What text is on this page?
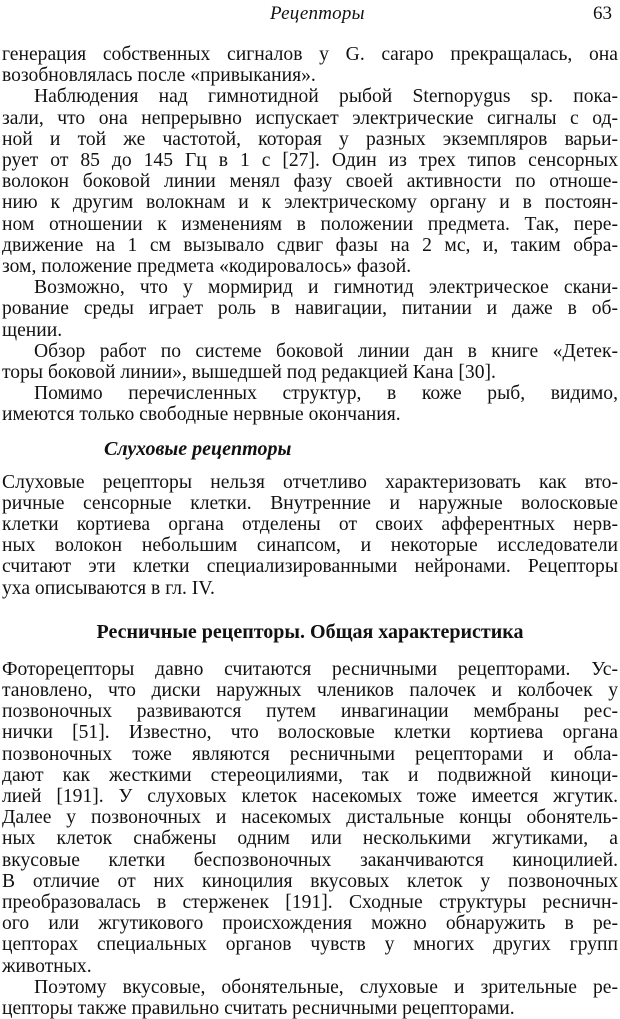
Рецепторы	63
генерация собственных сигналов у G. carapo прекращалась, она
возобновлялась после «привыкания».
Наблюдения над гимнотидной рыбой Sternopygus sp. пока-
зали, что она непрерывно испускает электрические сигналы с од-
ной и той же частотой, которая у разных экземпляров варьи-
рует от 85 до 145 Гц в 1 с [27]. Один из трех типов сенсорных
волокон боковой линии менял фазу своей активности по отноше-
нию к другим волокнам и к электрическому органу и в постоян-
ном отношении к изменениям в положении предмета. Так, пере-
движение на 1 см вызывало сдвиг фазы на 2 мс, и, таким обра-
зом, положение предмета «кодировалось» фазой.
Возможно, что у мормирид и гимнотид электрическое скани-
рование среды играет роль в навигации, питании и даже в об-
щении.
Обзор работ по системе боковой линии дан в книге «Детек-
торы боковой линии», вышедшей под редакцией Кана [30].
Помимо перечисленных структур, в коже рыб, видимо,
имеются только свободные нервные окончания.
Слуховые рецепторы
Слуховые рецепторы нельзя отчетливо характеризовать как вто-
ричные сенсорные клетки. Внутренние и наружные волосковые
клетки кортиева органа отделены от своих афферентных нерв-
ных волокон небольшим синапсом, и некоторые исследователи
считают эти клетки специализированными нейронами. Рецепторы
уха описываются в гл. IV.
Ресничные рецепторы. Общая характеристика
Фоторецепторы давно считаются ресничными рецепторами. Ус-
тановлено, что диски наружных члеников палочек и колбочек у
позвоночных развиваются путем инвагинации мембраны рес-
нички [51]. Известно, что волосковые клетки кортиева органа
позвоночных тоже являются ресничными рецепторами и обла-
дают как жесткими стереоцилиями, так и подвижной киноци-
лией [191]. У слуховых клеток насекомых тоже имеется жгутик.
Далее у позвоночных и насекомых дистальные концы обонятель-
ных клеток снабжены одним или несколькими жгутиками, а
вкусовые клетки беспозвоночных заканчиваются киноцилией.
В отличие от них киноцилия вкусовых клеток у позвоночных
преобразовалась в стерженек [191]. Сходные структуры ресничн-
ого или жгутикового происхождения можно обнаружить в ре-
цепторах специальных органов чувств у многих других групп
животных.
Поэтому вкусовые, обонятельные, слуховые и зрительные ре-
цепторы также правильно считать ресничными рецепторами.
